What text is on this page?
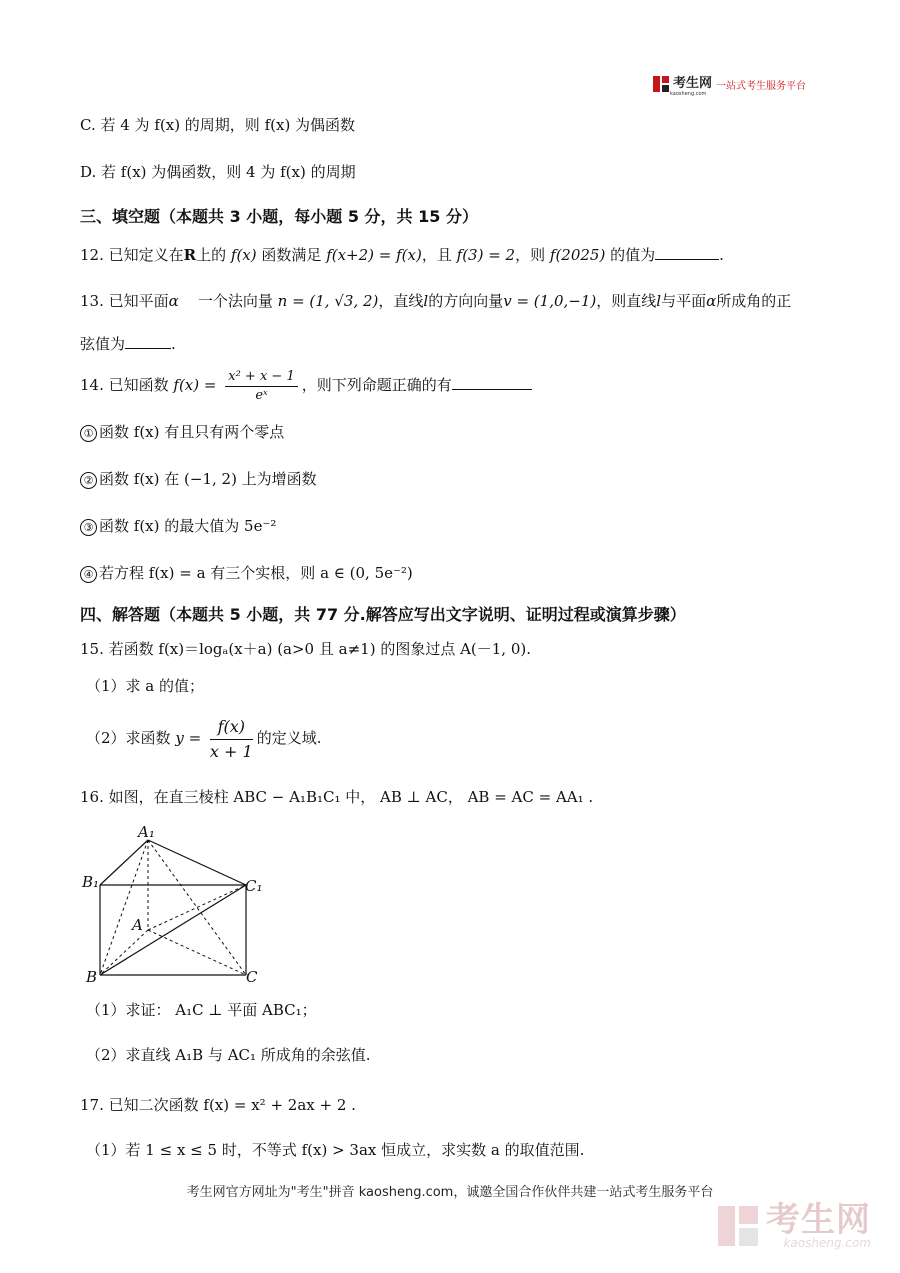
考生网
kaosheng.com
一站式考生服务平台
C. 若 4 为 f(x) 的周期，则 f(x) 为偶函数
D. 若 f(x) 为偶函数，则 4 为 f(x) 的周期
三、填空题（本题共 3 小题，每小题 5 分，共 15 分）
12. 已知定义在R上的 f(x) 函数满足 f(x+2) = f(x)，且 f(3) = 2，则 f(2025) 的值为	.
13. 已知平面α 一个法向量 n = (1, √3, 2)，直线l的方向向量v = (1,0,−1)，则直线l与平面α所成角的正
弦值为	.
14. 已知函数 $f(x) = \frac{\text{x² + x − 1}}{\text{eˣ}}$ ，则下列命题正确的有
① 函数 f(x) 有且只有两个零点
② 函数 f(x) 在 (−1, 2) 上为增函数
③ 函数 f(x) 的最大值为 5e⁻²
④ 若方程 f(x) = a 有三个实根，则 a ∈ (0, 5e⁻²)
四、解答题（本题共 5 小题，共 77 分.解答应写出文字说明、证明过程或演算步骤）
15. 若函数 f(x)＝logₐ(x＋a) (a>0 且 a≠1) 的图象过点 A(－1, 0).
（1）求 a 的值；
（2）求函数 $y = \frac{f(x)}{x + 1}$ 的定义域.
16. 如图，在直三棱柱 ABC − A₁B₁C₁ 中， AB ⊥ AC， AB = AC = AA₁ .
A₁
B₁	C₁
A
B	C
（1）求证： A₁C ⊥ 平面 ABC₁；
（2）求直线 A₁B 与 AC₁ 所成角的余弦值.
17. 已知二次函数 f(x) = x² + 2ax + 2 .
（1）若 1 ≤ x ≤ 5 时，不等式 f(x) > 3ax 恒成立，求实数 a 的取值范围.
考生网官方网址为"考生"拼音 kaosheng.com，诚邀全国合作伙伴共建一站式考生服务平台
考生网
kaosheng.com
